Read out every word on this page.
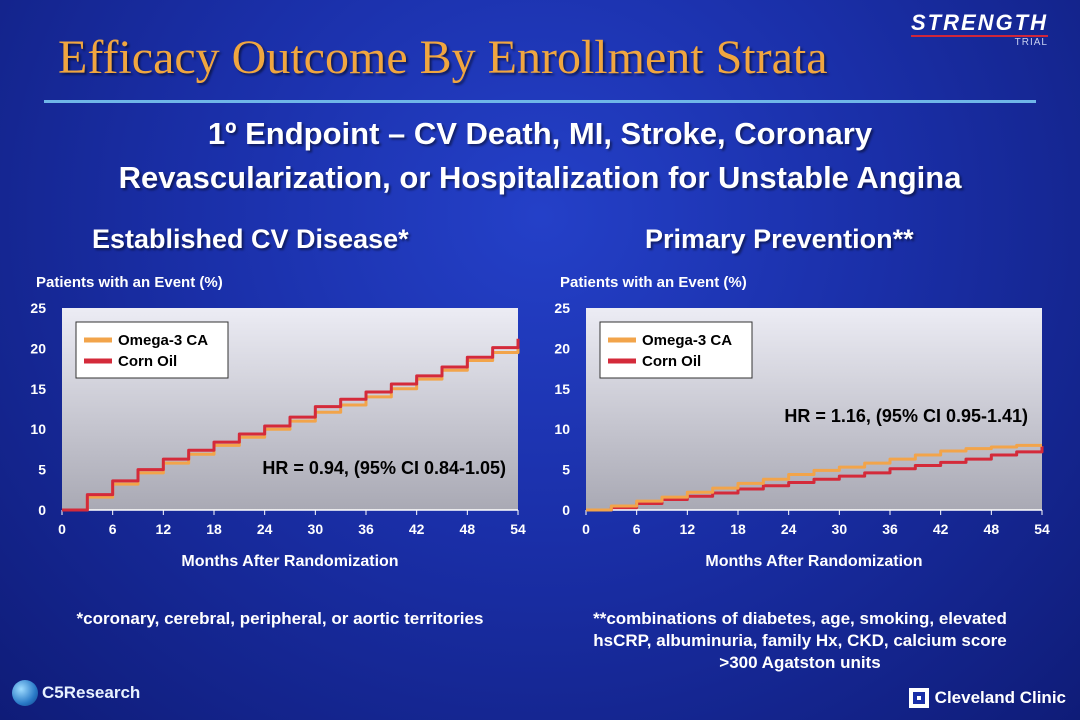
Efficacy Outcome By Enrollment Strata
STRENGTH
TRIAL
1º Endpoint – CV Death, MI, Stroke, Coronary
Revascularization, or Hospitalization for Unstable Angina
Established CV Disease*
Patients with an Event (%)
0
5
10
15
20
25
0	6	12	18	24	30	36	42	48	54
Months After Randomization
Omega-3 CA
Corn Oil
HR = 0.94, (95% CI 0.84-1.05)
*coronary, cerebral, peripheral, or aortic territories
Primary Prevention**
Patients with an Event (%)
0
5
10
15
20
25
0	6	12	18	24	30	36	42	48	54
Months After Randomization
Omega-3 CA
Corn Oil
HR = 1.16, (95% CI 0.95-1.41)
**combinations of diabetes, age, smoking, elevated hsCRP, albuminuria, family Hx, CKD, calcium score >300 Agatston units
C5Research	Cleveland Clinic
